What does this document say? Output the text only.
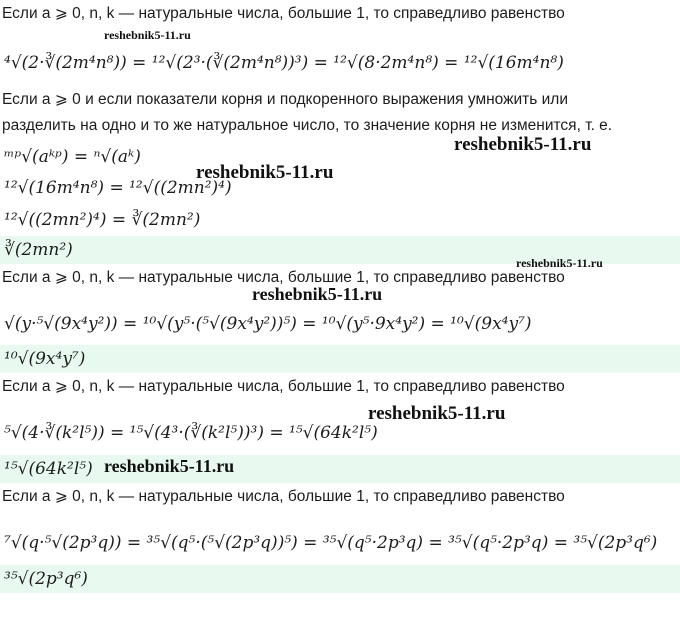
Если a ⩾ 0, n, k — натуральные числа, большие 1, то справедливо равенство
⁴√(2·∛(2m⁴n⁸)) = ¹²√(2³·(∛(2m⁴n⁸))³) = ¹²√(8·2m⁴n⁸) = ¹²√(16m⁴n⁸)
Если a ⩾ 0 и если показатели корня и подкоренного выражения умножить или
разделить на одно и то же натуральное число, то значение корня не изменится, т. е.
ᵐᵖ√(aᵏᵖ) = ⁿ√(aᵏ)
¹²√(16m⁴n⁸) = ¹²√((2mn²)⁴)
¹²√((2mn²)⁴) = ∛(2mn²)
∛(2mn²)
Если a ⩾ 0, n, k — натуральные числа, большие 1, то справедливо равенство
√(y·⁵√(9x⁴y²)) = ¹⁰√(y⁵·(⁵√(9x⁴y²))⁵) = ¹⁰√(y⁵·9x⁴y²) = ¹⁰√(9x⁴y⁷)
¹⁰√(9x⁴y⁷)
Если a ⩾ 0, n, k — натуральные числа, большие 1, то справедливо равенство
⁵√(4·∛(k²l⁵)) = ¹⁵√(4³·(∛(k²l⁵))³) = ¹⁵√(64k²l⁵)
¹⁵√(64k²l⁵)
Если a ⩾ 0, n, k — натуральные числа, большие 1, то справедливо равенство
⁷√(q·⁵√(2p³q)) = ³⁵√(q⁵·(⁵√(2p³q))⁵) = ³⁵√(q⁵·2p³q) = ³⁵√(q⁵·2p³q) = ³⁵√(2p³q⁶)
³⁵√(2p³q⁶)
reshebnik5-11.ru
reshebnik5-11.ru
reshebnik5-11.ru
reshebnik5-11.ru
reshebnik5-11.ru
reshebnik5-11.ru
reshebnik5-11.ru
